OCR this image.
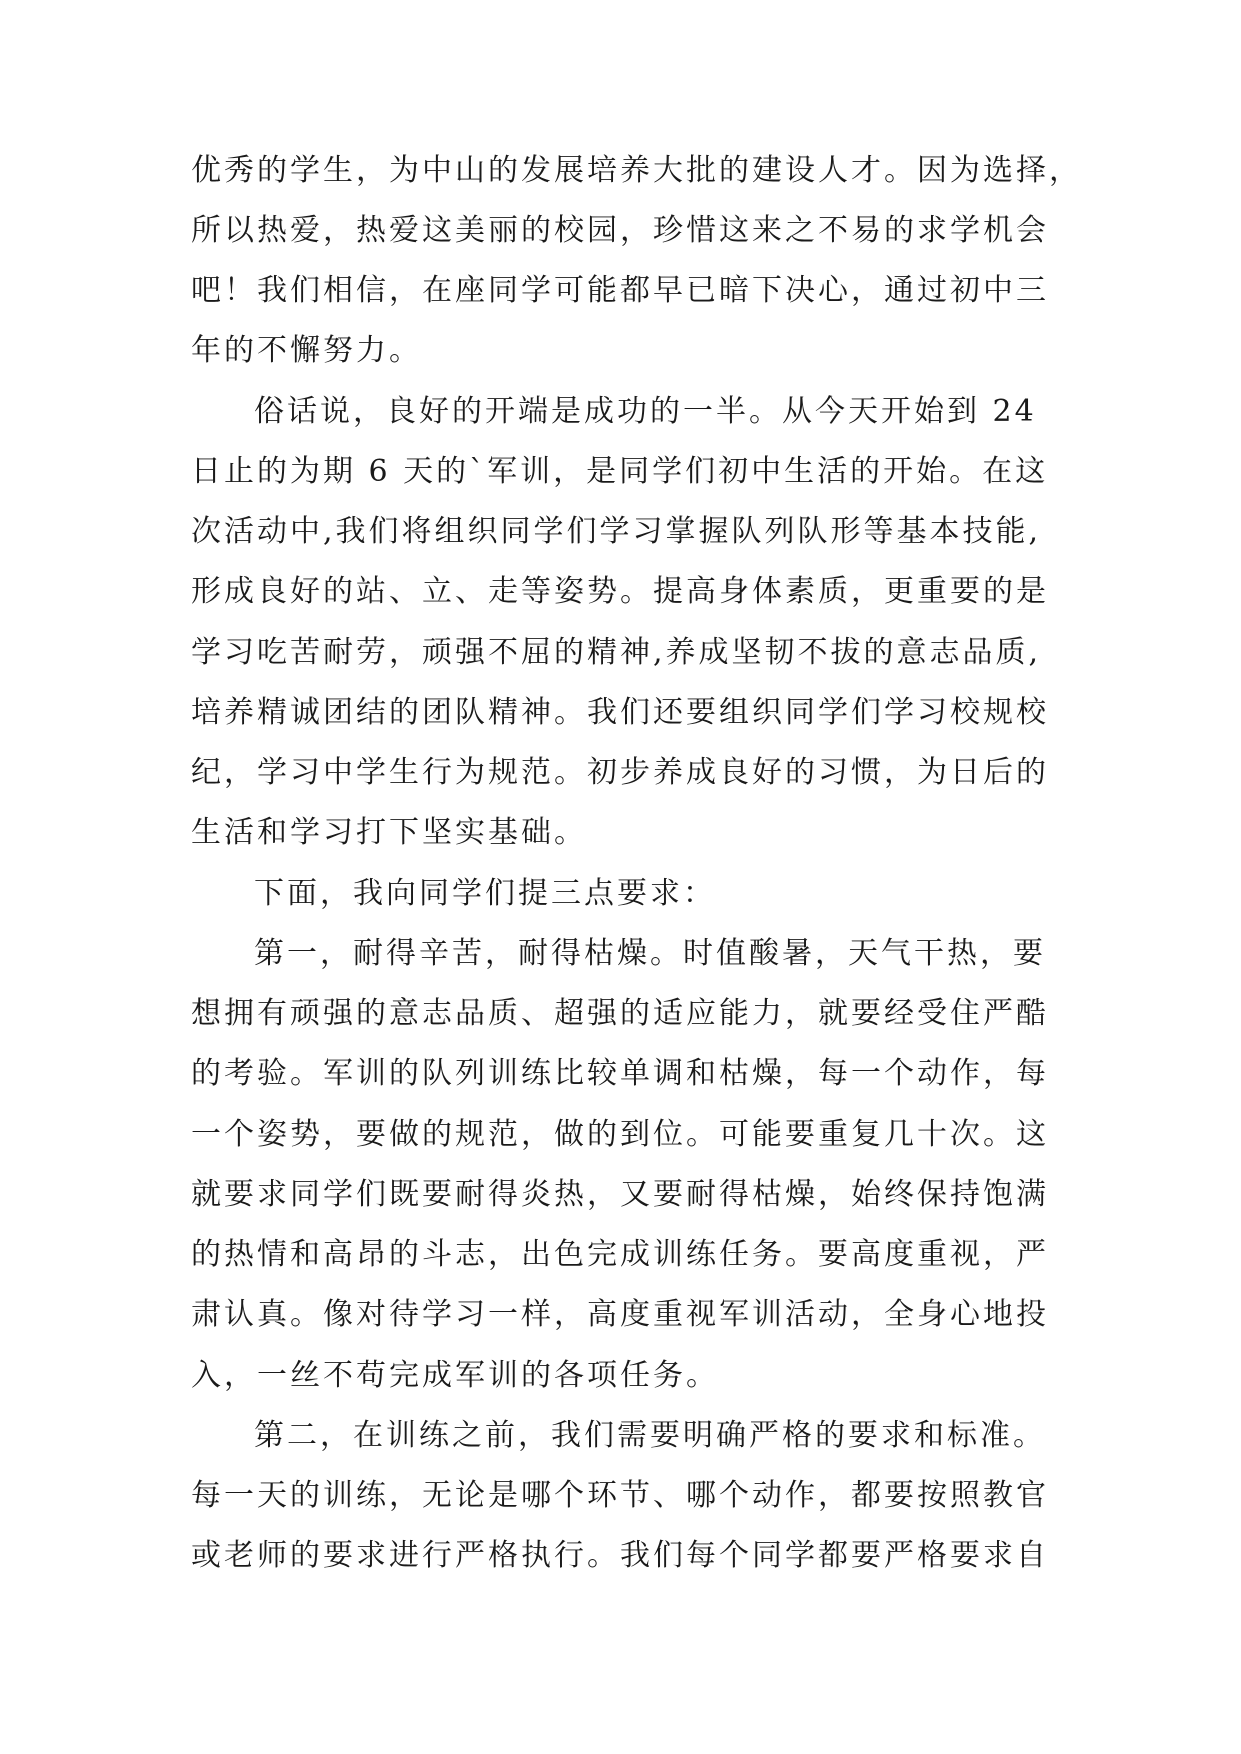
优秀的学生，为中山的发展培养大批的建设人才。因为选择，

所以热爱，热爱这美丽的校园，珍惜这来之不易的求学机会

吧！我们相信，在座同学可能都早已暗下决心，通过初中三

年的不懈努力。

俗话说，良好的开端是成功的一半。从今天开始到 24

日止的为期 6 天的`军训，是同学们初中生活的开始。在这

次活动中,我们将组织同学们学习掌握队列队形等基本技能,

形成良好的站、立、走等姿势。提高身体素质，更重要的是

学习吃苦耐劳，顽强不屈的精神,养成坚韧不拔的意志品质,

培养精诚团结的团队精神。我们还要组织同学们学习校规校

纪，学习中学生行为规范。初步养成良好的习惯，为日后的

生活和学习打下坚实基础。

下面，我向同学们提三点要求：

第一，耐得辛苦，耐得枯燥。时值酸暑，天气干热，要

想拥有顽强的意志品质、超强的适应能力，就要经受住严酷

的考验。军训的队列训练比较单调和枯燥，每一个动作，每

一个姿势，要做的规范，做的到位。可能要重复几十次。这

就要求同学们既要耐得炎热，又要耐得枯燥，始终保持饱满

的热情和高昂的斗志，出色完成训练任务。要高度重视，严

肃认真。像对待学习一样，高度重视军训活动，全身心地投

入，一丝不苟完成军训的各项任务。

第二，在训练之前，我们需要明确严格的要求和标准。

每一天的训练，无论是哪个环节、哪个动作，都要按照教官

或老师的要求进行严格执行。我们每个同学都要严格要求自
